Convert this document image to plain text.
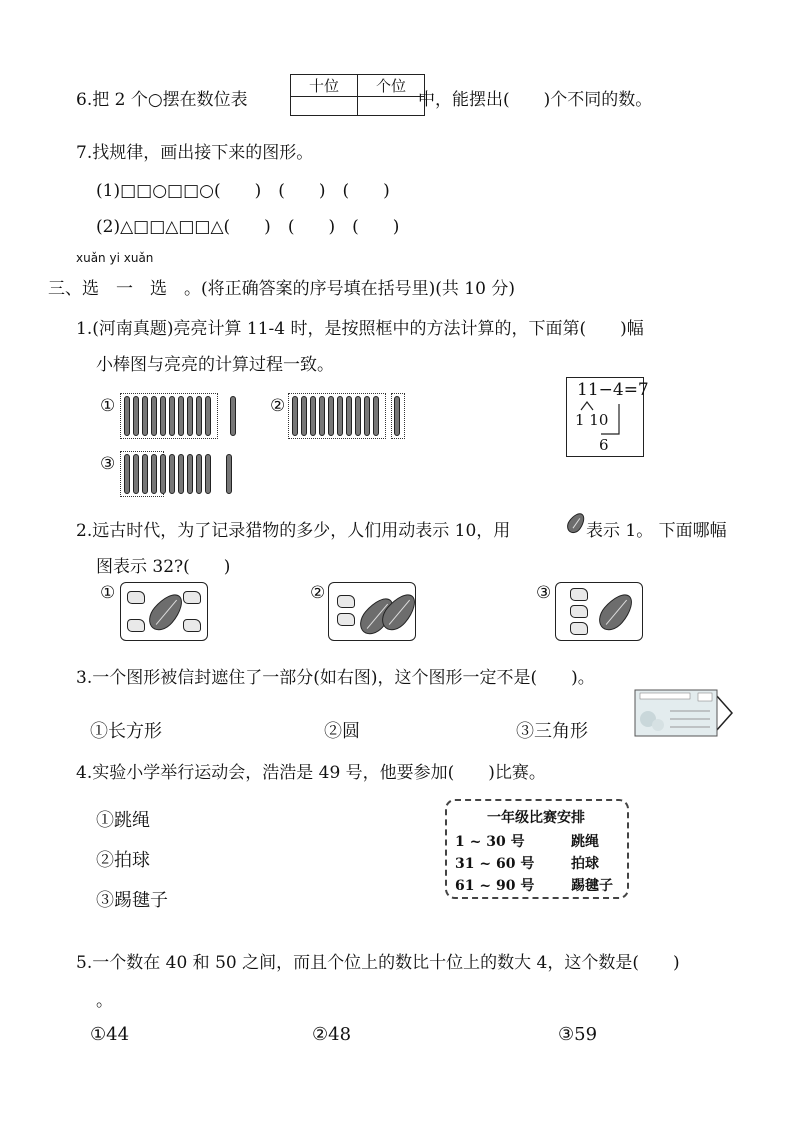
6.把 2 个○摆在数位表
十位	个位

中，能摆出(　　)个不同的数。
7.找规律，画出接下来的图形。
(1)□□○□□○(　　)　(　　)　(　　)
(2)△□□△□□△(　　)　(　　)　(　　)
xuǎn yi xuǎn
三、选　一　选　。(将正确答案的序号填在括号里)(共 10 分)
1.(河南真题)亮亮计算 11-4 时，是按照框中的方法计算的，下面第(　　)幅
小棒图与亮亮的计算过程一致。
①	②
③
11−4=7
1 10
6
2.远古时代，为了记录猎物的多少，人们用动表示 10，用	表示 1。 下面哪幅
图表示 32?(　　)
①	②	③
3.一个图形被信封遮住了一部分(如右图)，这个图形一定不是(　　)。
①长方形	②圆	③三角形
4.实验小学举行运动会，浩浩是 49 号，他要参加(　　)比赛。
①跳绳
②拍球
③踢毽子
一年级比赛安排
1 ~ 30 号	跳绳
31 ~ 60 号	拍球
61 ~ 90 号	踢毽子
5.一个数在 40 和 50 之间，而且个位上的数比十位上的数大 4，这个数是(　　)
。
①44	②48	③59
